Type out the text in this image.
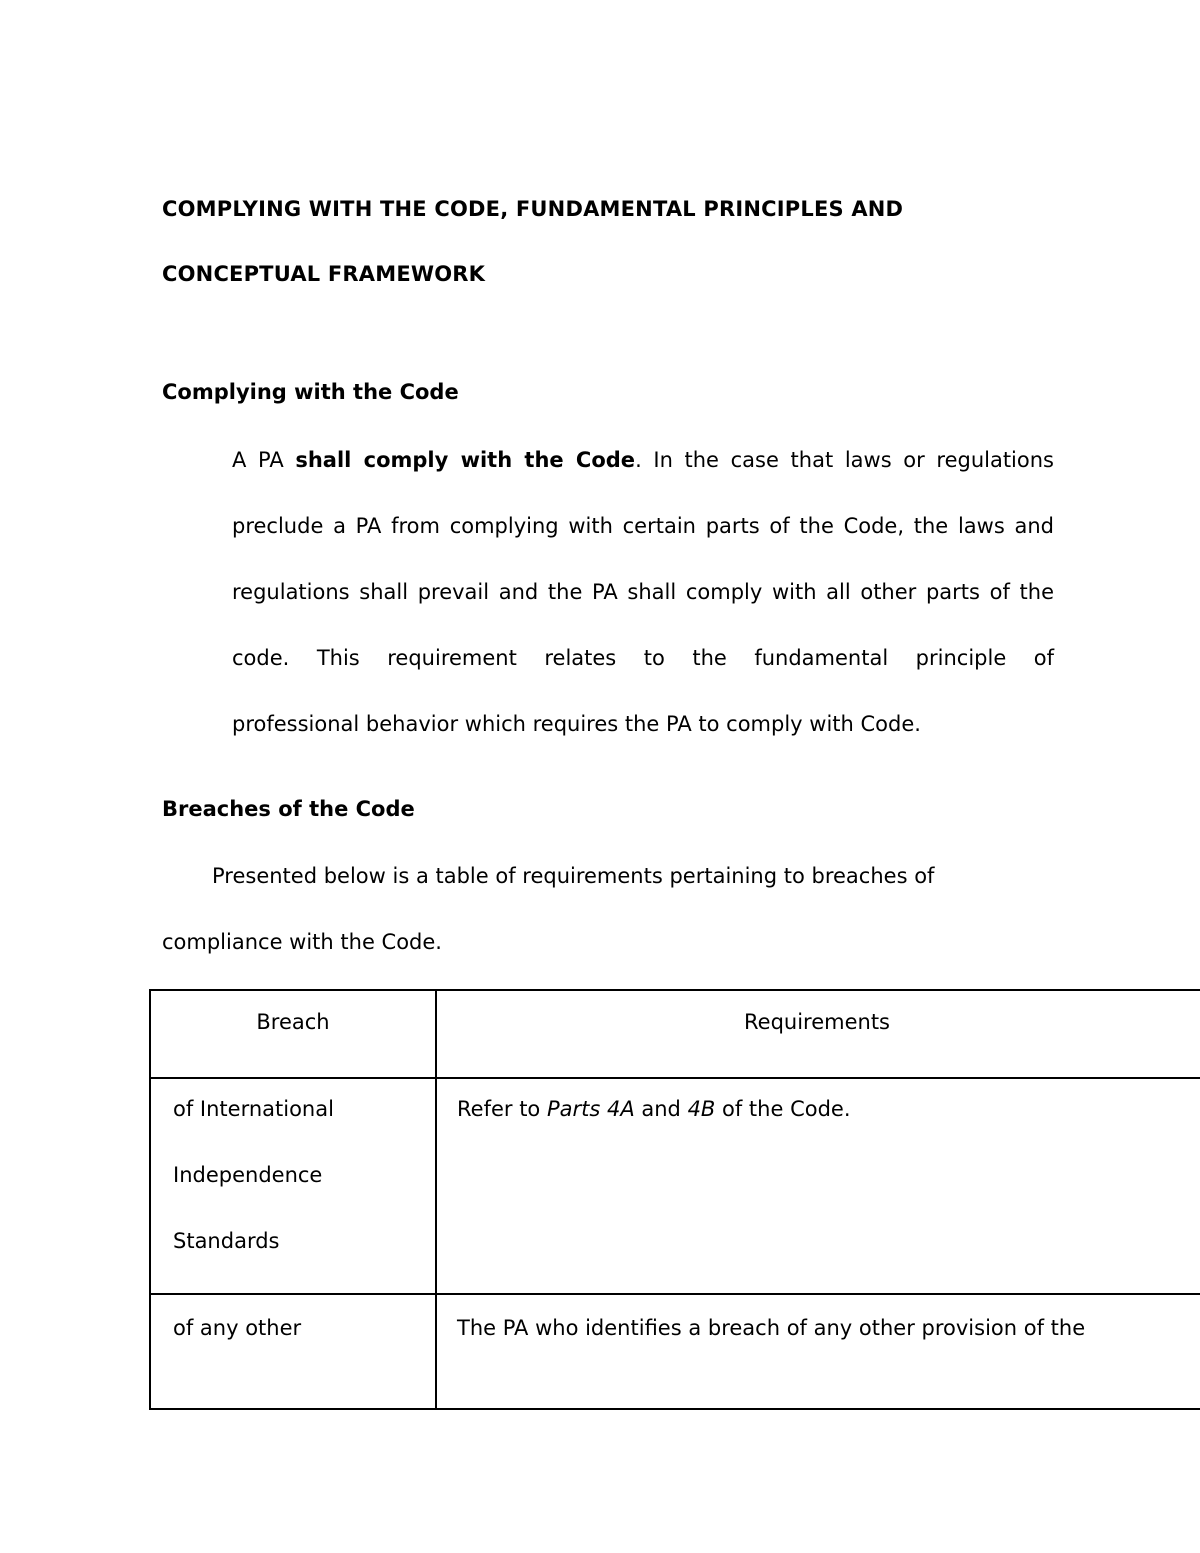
COMPLYING WITH THE CODE, FUNDAMENTAL PRINCIPLES AND
CONCEPTUAL FRAMEWORK
Complying with the Code
A PA shall comply with the Code. In the case that laws or regulations
preclude a PA from complying with certain parts of the Code, the laws and
regulations shall prevail and the PA shall comply with all other parts of the
code. This requirement relates to the fundamental principle of
professional behavior which requires the PA to comply with Code.
Breaches of the Code
Presented below is a table of requirements pertaining to breaches of
compliance with the Code.
Breach	Requirements
of International
Independence
Standards
Refer to Parts 4A and 4B of the Code.
of any other	The PA who identifies a breach of any other provision of the
